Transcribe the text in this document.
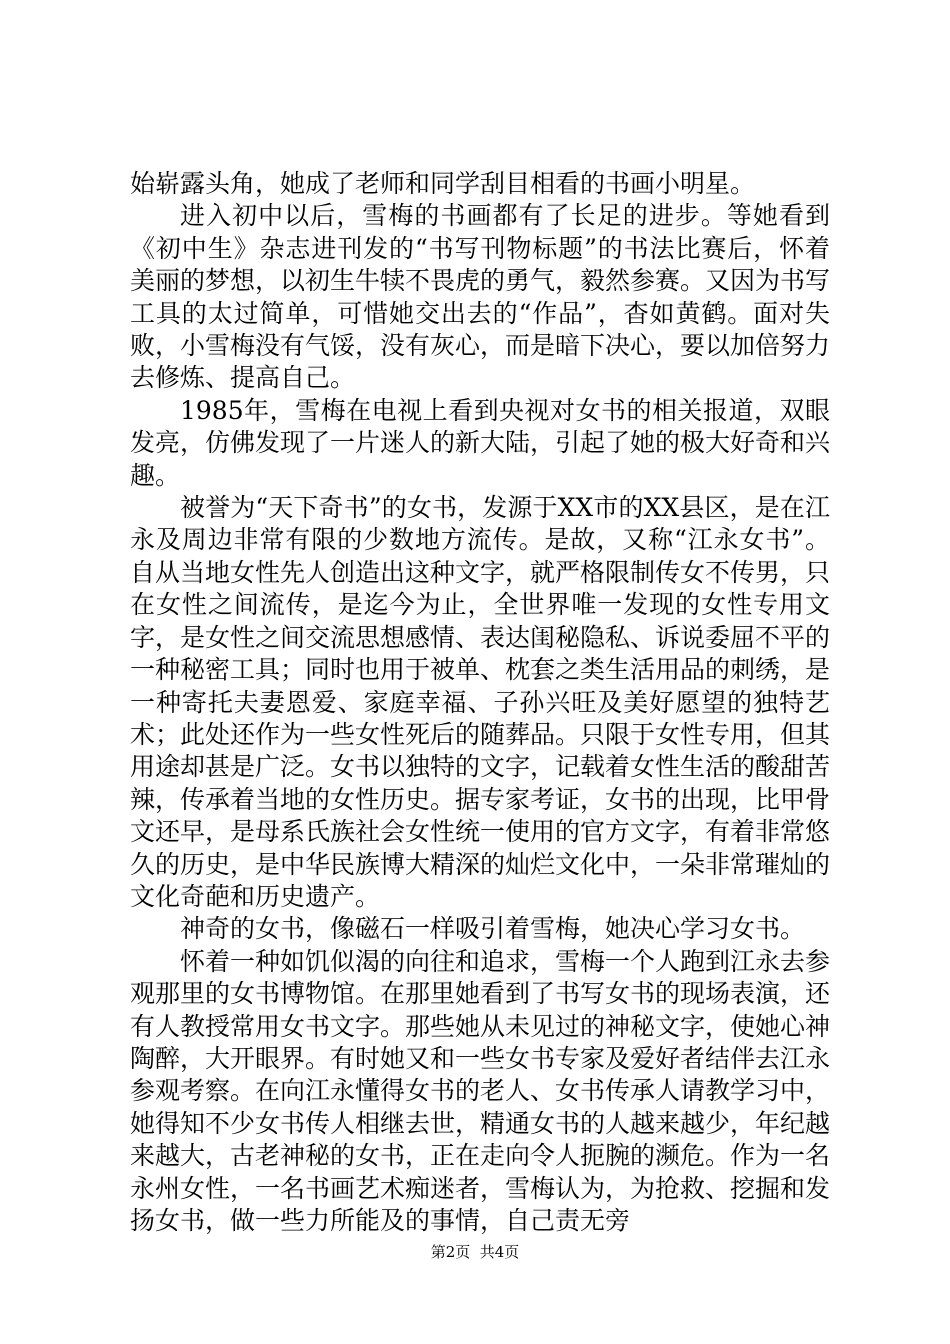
始崭露头角，她成了老师和同学刮目相看的书画小明星。

进入初中以后，雪梅的书画都有了长足的进步。等她看到《初中生》杂志进刊发的“书写刊物标题”的书法比赛后，怀着美丽的梦想，以初生牛犊不畏虎的勇气，毅然参赛。又因为书写工具的太过简单，可惜她交出去的“作品”，杳如黄鹤。面对失败，小雪梅没有气馁，没有灰心，而是暗下决心，要以加倍努力去修炼、提高自己。

1985年，雪梅在电视上看到央视对女书的相关报道，双眼发亮，仿佛发现了一片迷人的新大陆，引起了她的极大好奇和兴趣。

被誉为“天下奇书”的女书，发源于XX市的XX县区，是在江永及周边非常有限的少数地方流传。是故，又称“江永女书”。自从当地女性先人创造出这种文字，就严格限制传女不传男，只在女性之间流传，是迄今为止，全世界唯一发现的女性专用文字，是女性之间交流思想感情、表达闺秘隐私、诉说委屈不平的一种秘密工具；同时也用于被单、枕套之类生活用品的刺绣，是一种寄托夫妻恩爱、家庭幸福、子孙兴旺及美好愿望的独特艺术；此处还作为一些女性死后的随葬品。只限于女性专用，但其用途却甚是广泛。女书以独特的文字，记载着女性生活的酸甜苦辣，传承着当地的女性历史。据专家考证，女书的出现，比甲骨文还早，是母系氏族社会女性统一使用的官方文字，有着非常悠久的历史，是中华民族博大精深的灿烂文化中，一朵非常璀灿的文化奇葩和历史遗产。

神奇的女书，像磁石一样吸引着雪梅，她决心学习女书。

怀着一种如饥似渴的向往和追求，雪梅一个人跑到江永去参观那里的女书博物馆。在那里她看到了书写女书的现场表演，还有人教授常用女书文字。那些她从未见过的神秘文字，使她心神陶醉，大开眼界。有时她又和一些女书专家及爱好者结伴去江永参观考察。在向江永懂得女书的老人、女书传承人请教学习中，她得知不少女书传人相继去世，精通女书的人越来越少，年纪越来越大，古老神秘的女书，正在走向令人扼腕的濒危。作为一名永州女性，一名书画艺术痴迷者，雪梅认为，为抢救、挖掘和发扬女书，做一些力所能及的事情，自己责无旁

第2页  共4页
